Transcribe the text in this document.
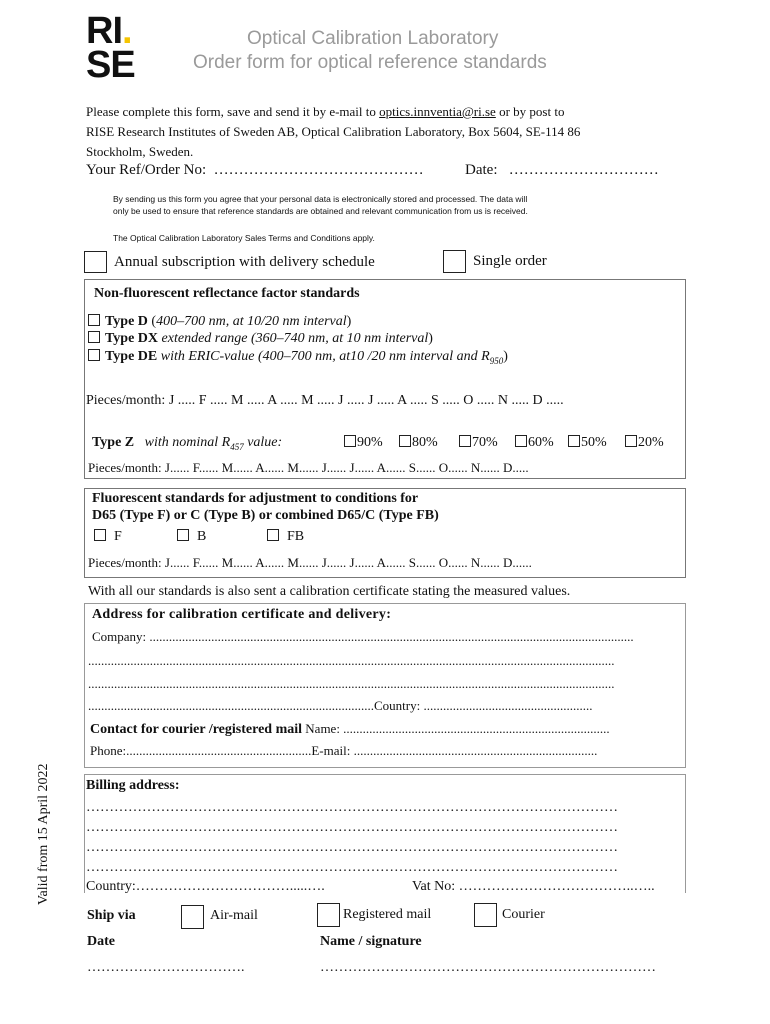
RI.
SE
Optical Calibration Laboratory
Order form for optical reference standards
Please complete this form, save and send it by e-mail to optics.innventia@ri.se or by post to
RISE Research Institutes of Sweden AB, Optical Calibration Laboratory, Box 5604, SE-114 86
Stockholm, Sweden.
Your Ref/Order No: ……………………………………	Date: …………………………
By sending us this form you agree that your personal data is electronically stored and processed. The data will
only be used to ensure that reference standards are obtained and relevant communication from us is received.
The Optical Calibration Laboratory Sales Terms and Conditions apply.
Annual subscription with delivery schedule	Single order
Non-fluorescent reflectance factor standards
Type D (400–700 nm, at 10/20 nm interval)
Type DX extended range (360–740 nm, at 10 nm interval)
Type DE with ERIC-value (400–700 nm, at10 /20 nm interval and $R_{950}$)
Pieces/month: J ..... F ..... M ..... A ..... M ..... J ..... J ..... A ..... S ..... O ..... N ..... D .....
Type Z with nominal $R_{457}$ value:	90%	80%	70%	60%	50%	20%
Pieces/month: J...... F...... M...... A...... M...... J...... J...... A...... S...... O...... N...... D.....
Fluorescent standards for adjustment to conditions for
D65 (Type F) or C (Type B) or combined D65/C (Type FB)
F	B	FB
Pieces/month: J...... F...... M...... A...... M...... J...... J...... A...... S...... O...... N...... D......
With all our standards is also sent a calibration certificate stating the measured values.
Address for calibration certificate and delivery:
Company: .....................................................................................................................................................
..................................................................................................................................................................
..................................................................................................................................................................
........................................................................................Country: ....................................................
Contact for courier /registered mail Name: ..................................................................................
Phone:.........................................................E-mail: ...........................................................................
Billing address:
……………………………………………………………………………………………………
……………………………………………………………………………………………………
……………………………………………………………………………………………………
……………………………………………………………………………………………………
Country:…………………………….....….	Vat No: ………………………………..…..
Ship via	Air-mail	Registered mail	Courier
Date
…………………………….
Name / signature
………………………………………………………………
Valid from 15 April 2022
